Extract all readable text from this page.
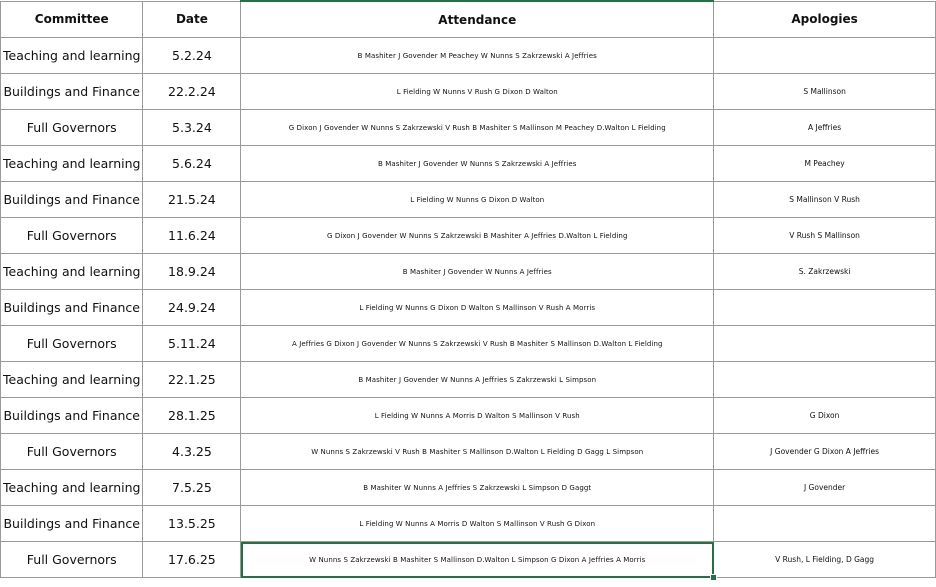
Committee	Date	Attendance	Apologies
Teaching and learning	5.2.24	B Mashiter J Govender M Peachey W Nunns S Zakrzewski A Jeffries	
Buildings and Finance	22.2.24	L Fielding W Nunns V Rush G Dixon D Walton	S Mallinson
Full Governors	5.3.24	G Dixon J Govender W Nunns S Zakrzewski V Rush B Mashiter S Mallinson M Peachey D.Walton L Fielding	A Jeffries
Teaching and learning	5.6.24	B Mashiter J Govender W Nunns S Zakrzewski A Jeffries	M Peachey
Buildings and Finance	21.5.24	L Fielding W Nunns G Dixon D Walton	S Mallinson V Rush
Full Governors	11.6.24	G Dixon J Govender W Nunns S Zakrzewski B Mashiter A Jeffries D.Walton L Fielding	V Rush S Mallinson
Teaching and learning	18.9.24	B Mashiter J Govender W Nunns A Jeffries	S. Zakrzewski
Buildings and Finance	24.9.24	L Fielding W Nunns G Dixon D Walton S Mallinson V Rush A Morris	
Full Governors	5.11.24	A Jeffries G Dixon J Govender W Nunns S Zakrzewski V Rush B Mashiter S Mallinson D.Walton L Fielding	
Teaching and learning	22.1.25	B Mashiter J Govender W Nunns A Jeffries S Zakrzewski L Simpson	
Buildings and Finance	28.1.25	L Fielding W Nunns A Morris D Walton S Mallinson V Rush	G Dixon
Full Governors	4.3.25	W Nunns S Zakrzewski V Rush B Mashiter S Mallinson D.Walton L Fielding D Gagg L Simpson	J Govender G Dixon A Jeffries
Teaching and learning	7.5.25	B Mashiter W Nunns A Jeffries S Zakrzewski L Simpson D Gaggt	J Govender
Buildings and Finance	13.5.25	L Fielding W Nunns A Morris D Walton S Mallinson V Rush G Dixon	
Full Governors	17.6.25	W Nunns S Zakrzewski B Mashiter S Mallinson D.Walton L Simpson G Dixon A Jeffries A Morris	V Rush, L Fielding, D Gagg
